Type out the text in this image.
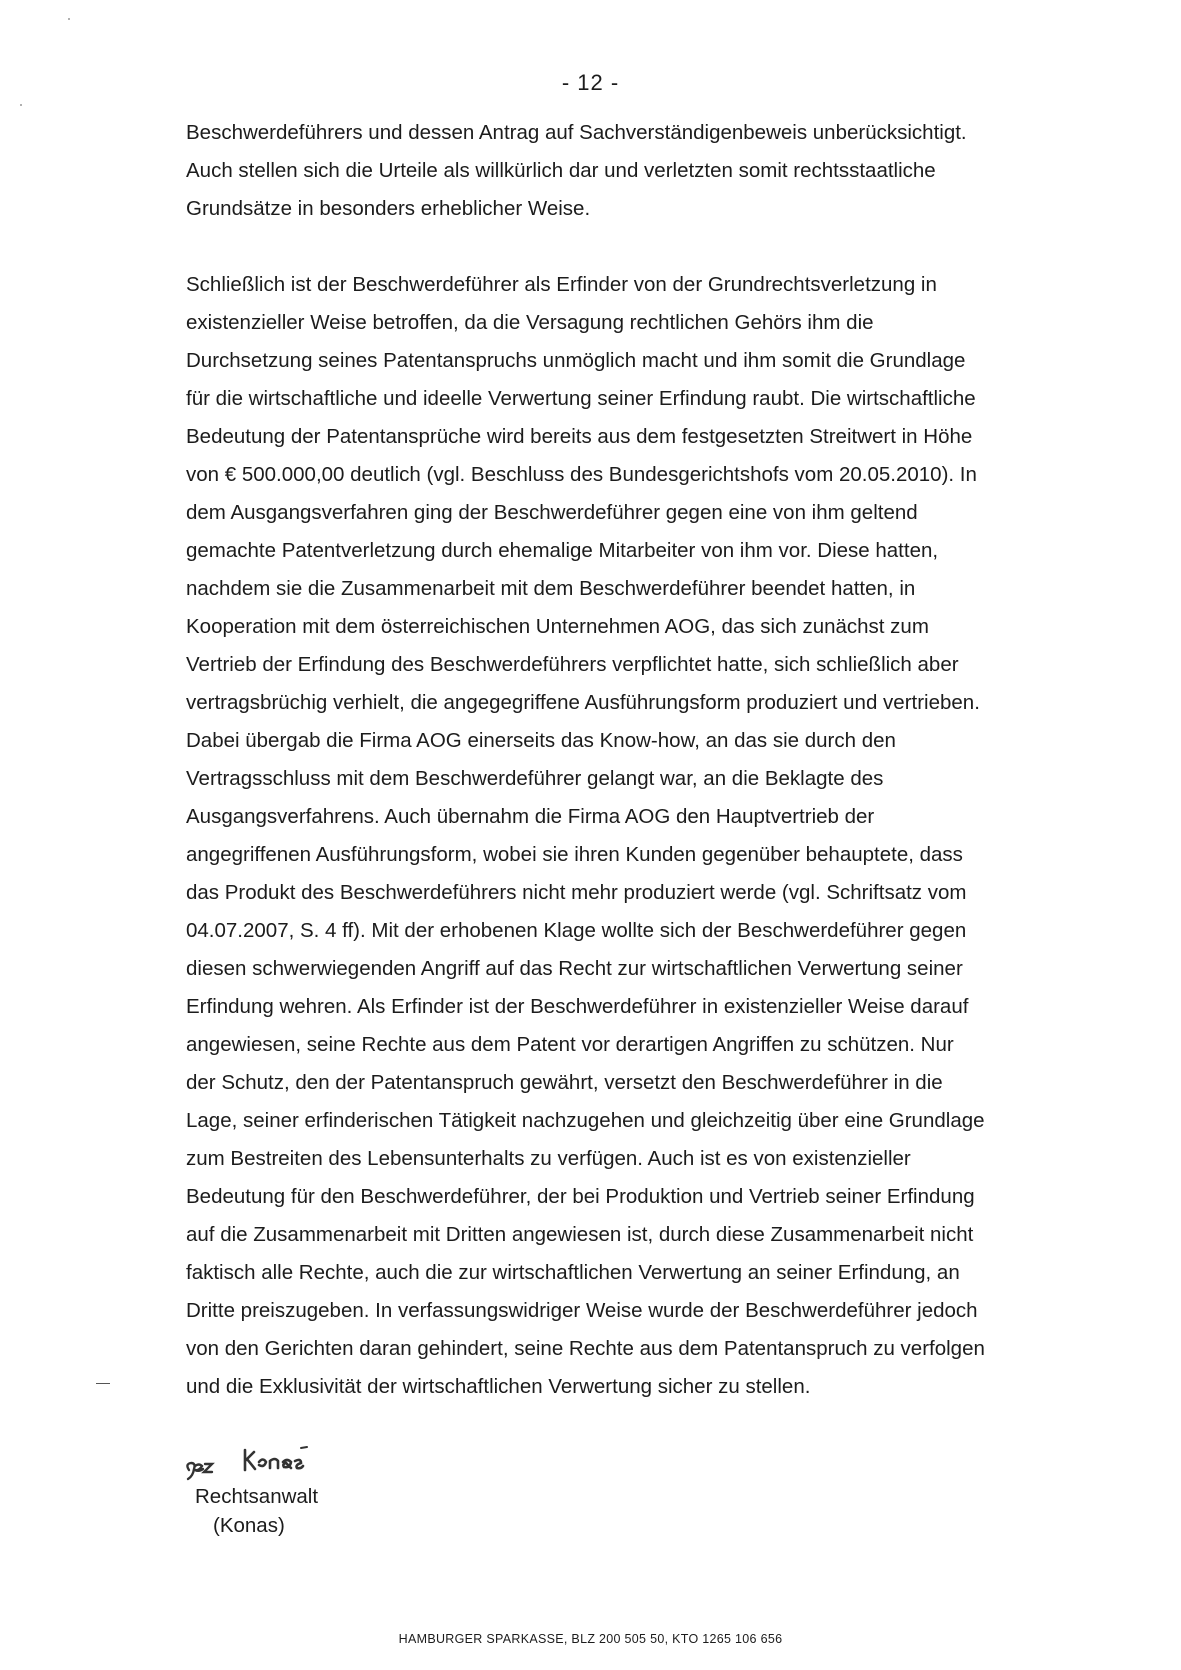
- 12 -
Beschwerdeführers und dessen Antrag auf Sachverständigenbeweis unberücksichtigt.
Auch stellen sich die Urteile als willkürlich dar und verletzten somit rechtsstaatliche
Grundsätze in besonders erheblicher Weise.
Schließlich ist der Beschwerdeführer als Erfinder von der Grundrechtsverletzung in
existenzieller Weise betroffen, da die Versagung rechtlichen Gehörs ihm die
Durchsetzung seines Patentanspruchs unmöglich macht und ihm somit die Grundlage
für die wirtschaftliche und ideelle Verwertung seiner Erfindung raubt. Die wirtschaftliche
Bedeutung der Patentansprüche wird bereits aus dem festgesetzten Streitwert in Höhe
von € 500.000,00 deutlich (vgl. Beschluss des Bundesgerichtshofs vom 20.05.2010). In
dem Ausgangsverfahren ging der Beschwerdeführer gegen eine von ihm geltend
gemachte Patentverletzung durch ehemalige Mitarbeiter von ihm vor. Diese hatten,
nachdem sie die Zusammenarbeit mit dem Beschwerdeführer beendet hatten, in
Kooperation mit dem österreichischen Unternehmen AOG, das sich zunächst zum
Vertrieb der Erfindung des Beschwerdeführers verpflichtet hatte, sich schließlich aber
vertragsbrüchig verhielt, die angegegriffene Ausführungsform produziert und vertrieben.
Dabei übergab die Firma AOG einerseits das Know-how, an das sie durch den
Vertragsschluss mit dem Beschwerdeführer gelangt war, an die Beklagte des
Ausgangsverfahrens. Auch übernahm die Firma AOG den Hauptvertrieb der
angegriffenen Ausführungsform, wobei sie ihren Kunden gegenüber behauptete, dass
das Produkt des Beschwerdeführers nicht mehr produziert werde (vgl. Schriftsatz vom
04.07.2007, S. 4 ff). Mit der erhobenen Klage wollte sich der Beschwerdeführer gegen
diesen schwerwiegenden Angriff auf das Recht zur wirtschaftlichen Verwertung seiner
Erfindung wehren. Als Erfinder ist der Beschwerdeführer in existenzieller Weise darauf
angewiesen, seine Rechte aus dem Patent vor derartigen Angriffen zu schützen. Nur
der Schutz, den der Patentanspruch gewährt, versetzt den Beschwerdeführer in die
Lage, seiner erfinderischen Tätigkeit nachzugehen und gleichzeitig über eine Grundlage
zum Bestreiten des Lebensunterhalts zu verfügen. Auch ist es von existenzieller
Bedeutung für den Beschwerdeführer, der bei Produktion und Vertrieb seiner Erfindung
auf die Zusammenarbeit mit Dritten angewiesen ist, durch diese Zusammenarbeit nicht
faktisch alle Rechte, auch die zur wirtschaftlichen Verwertung an seiner Erfindung, an
Dritte preiszugeben. In verfassungswidriger Weise wurde der Beschwerdeführer jedoch
von den Gerichten daran gehindert, seine Rechte aus dem Patentanspruch zu verfolgen
und die Exklusivität der wirtschaftlichen Verwertung sicher zu stellen.
Rechtsanwalt
(Konas)
HAMBURGER SPARKASSE, BLZ 200 505 50, KTO 1265 106 656
